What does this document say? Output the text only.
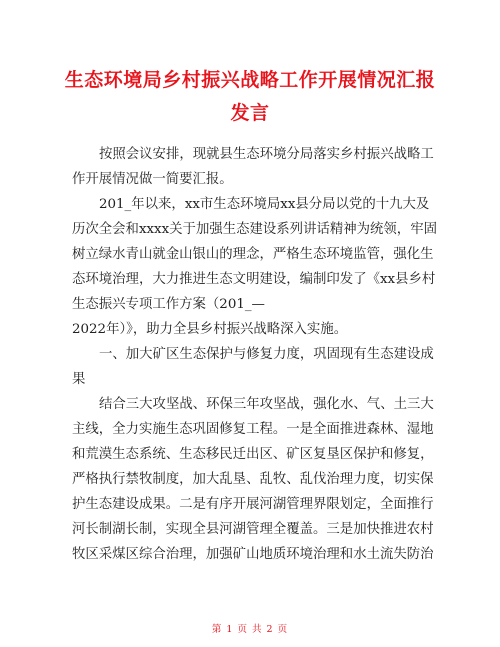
生态环境局乡村振兴战略工作开展情况汇报发言

按照会议安排，现就县生态环境分局落实乡村振兴战略工作开展情况做一简要汇报。

201_年以来，xx市生态环境局xx县分局以党的十九大及历次全会和xxxx关于加强生态建设系列讲话精神为统领，牢固树立绿水青山就金山银山的理念，严格生态环境监管，强化生态环境治理，大力推进生态文明建设，编制印发了《xx县乡村生态振兴专项工作方案（201_—

2022年）》，助力全县乡村振兴战略深入实施。

一、加大矿区生态保护与修复力度，巩固现有生态建设成果

结合三大攻坚战、环保三年攻坚战，强化水、气、土三大主线，全力实施生态巩固修复工程。一是全面推进森林、湿地和荒漠生态系统、生态移民迁出区、矿区复垦区保护和修复，严格执行禁牧制度，加大乱垦、乱牧、乱伐治理力度，切实保护生态建设成果。二是有序开展河湖管理界限划定，全面推行河长制湖长制，实现全县河湖管理全覆盖。三是加快推进农村牧区采煤区综合治理，加强矿山地质环境治理和水土流失防治

第 1 页 共 2 页
